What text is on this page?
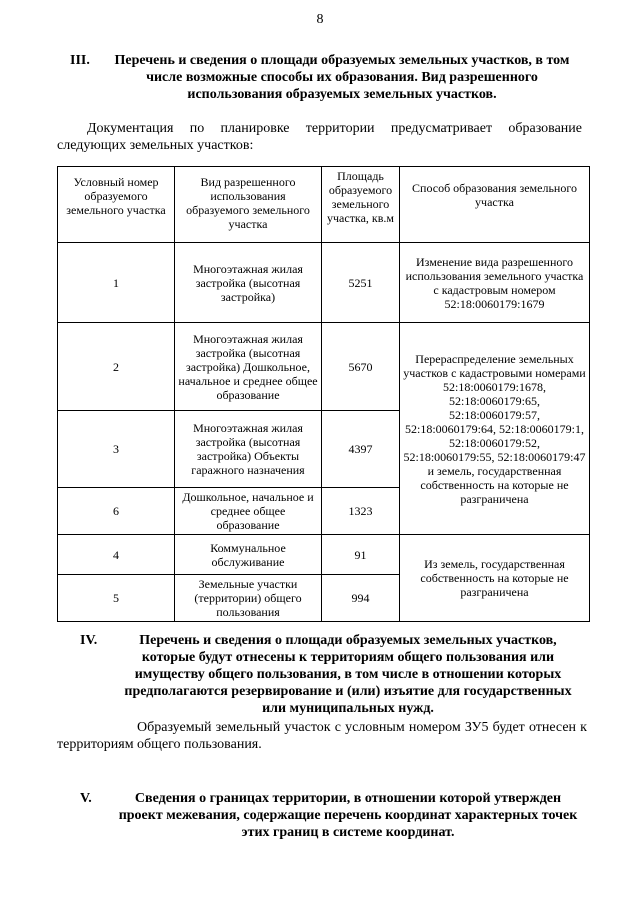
8
III.	Перечень и сведения о площади образуемых земельных участков, в том числе возможные способы их образования. Вид разрешенного использования образуемых земельных участков.
Документация по планировке территории предусматривает образование следующих земельных участков:
Условный номер образуемого земельного участка	Вид разрешенного использования образуемого земельного участка	Площадь образуемого земельного участка, кв.м	Способ образования земельного участка
1	Многоэтажная жилая застройка (высотная застройка)	5251	Изменение вида разрешенного использования земельного участка с кадастровым номером 52:18:0060179:1679
2	Многоэтажная жилая застройка (высотная застройка) Дошкольное, начальное и среднее общее образование	5670	Перераспределение земельных участков с кадастровыми номерами 52:18:0060179:1678, 52:18:0060179:65, 52:18:0060179:57, 52:18:0060179:64, 52:18:0060179:1, 52:18:0060179:52, 52:18:0060179:55, 52:18:0060179:47 и земель, государственная собственность на которые не разграничена
3	Многоэтажная жилая застройка (высотная застройка) Объекты гаражного назначения	4397	
6	Дошкольное, начальное и среднее общее образование	1323	
4	Коммунальное обслуживание	91	Из земель, государственная собственность на которые не разграничена
5	Земельные участки (территории) общего пользования	994	
IV.	Перечень и сведения о площади образуемых земельных участков, которые будут отнесены к территориям общего пользования или имуществу общего пользования, в том числе в отношении которых предполагаются резервирование и (или) изъятие для государственных или муниципальных нужд.
Образуемый земельный участок с условным номером ЗУ5 будет отнесен к территориям общего пользования.
V.	Сведения о границах территории, в отношении которой утвержден проект межевания, содержащие перечень координат характерных точек этих границ в системе координат.
